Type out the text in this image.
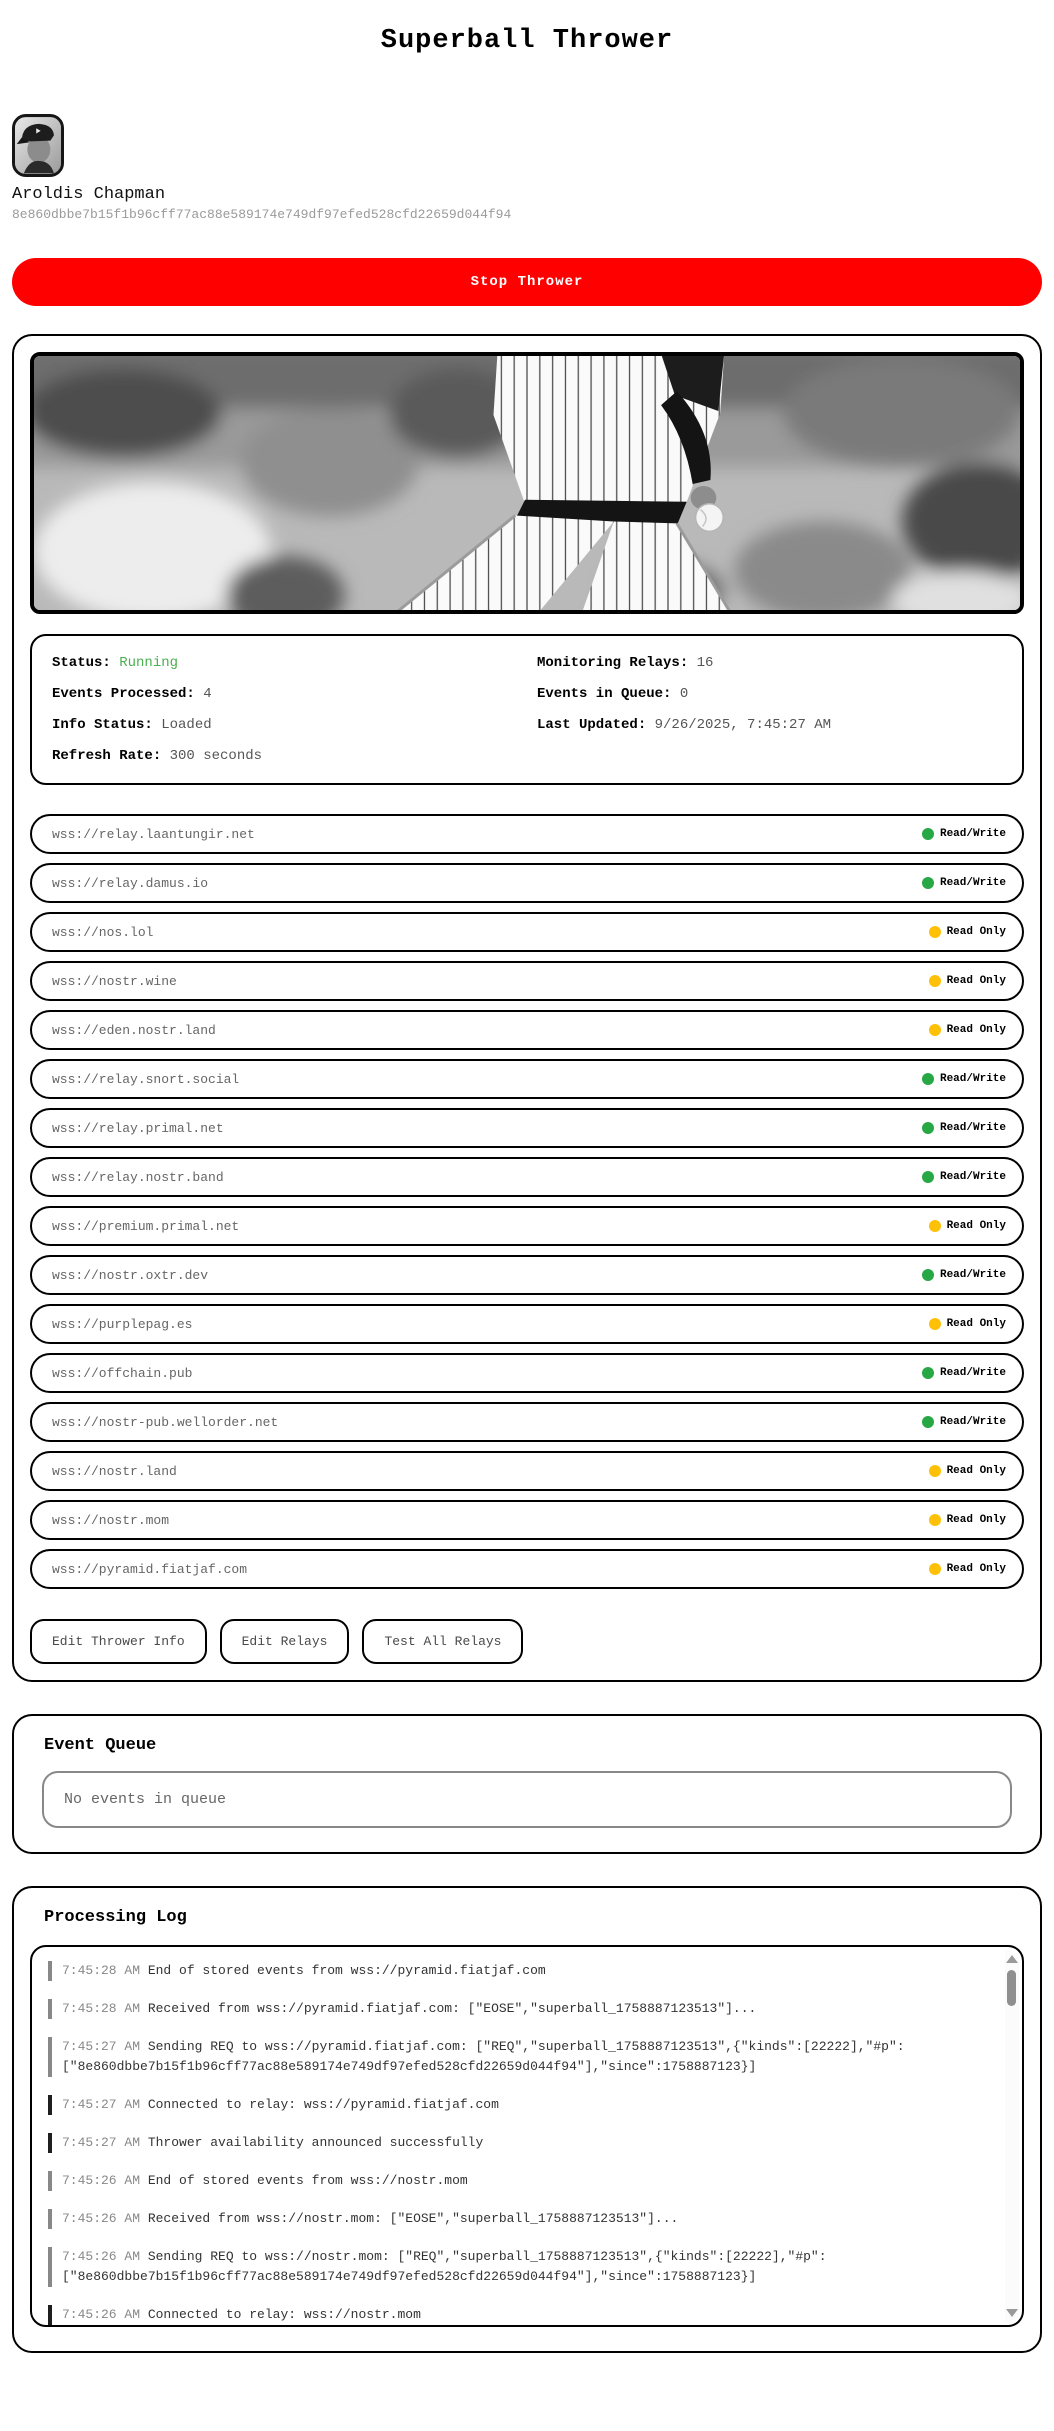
Superball Thrower
Aroldis Chapman
8e860dbbe7b15f1b96cff77ac88e589174e749df97efed528cfd22659d044f94
Stop Thrower
Status: Running
Events Processed: 4
Info Status: Loaded
Refresh Rate: 300 seconds
Monitoring Relays: 16
Events in Queue: 0
Last Updated: 9/26/2025, 7:45:27 AM
wss://relay.laantungir.net	Read/Write
wss://relay.damus.io	Read/Write
wss://nos.lol	Read Only
wss://nostr.wine	Read Only
wss://eden.nostr.land	Read Only
wss://relay.snort.social	Read/Write
wss://relay.primal.net	Read/Write
wss://relay.nostr.band	Read/Write
wss://premium.primal.net	Read Only
wss://nostr.oxtr.dev	Read/Write
wss://purplepag.es	Read Only
wss://offchain.pub	Read/Write
wss://nostr-pub.wellorder.net	Read/Write
wss://nostr.land	Read Only
wss://nostr.mom	Read Only
wss://pyramid.fiatjaf.com	Read Only
Edit Thrower Info	Edit Relays	Test All Relays
Event Queue
No events in queue
Processing Log
7:45:28 AM End of stored events from wss://pyramid.fiatjaf.com
7:45:28 AM Received from wss://pyramid.fiatjaf.com: ["EOSE","superball_1758887123513"]...
7:45:27 AM Sending REQ to wss://pyramid.fiatjaf.com: ["REQ","superball_1758887123513",{"kinds":[22222],"#p":["8e860dbbe7b15f1b96cff77ac88e589174e749df97efed528cfd22659d044f94"],"since":1758887123}]
7:45:27 AM Connected to relay: wss://pyramid.fiatjaf.com
7:45:27 AM Thrower availability announced successfully
7:45:26 AM End of stored events from wss://nostr.mom
7:45:26 AM Received from wss://nostr.mom: ["EOSE","superball_1758887123513"]...
7:45:26 AM Sending REQ to wss://nostr.mom: ["REQ","superball_1758887123513",{"kinds":[22222],"#p":["8e860dbbe7b15f1b96cff77ac88e589174e749df97efed528cfd22659d044f94"],"since":1758887123}]
7:45:26 AM Connected to relay: wss://nostr.mom
